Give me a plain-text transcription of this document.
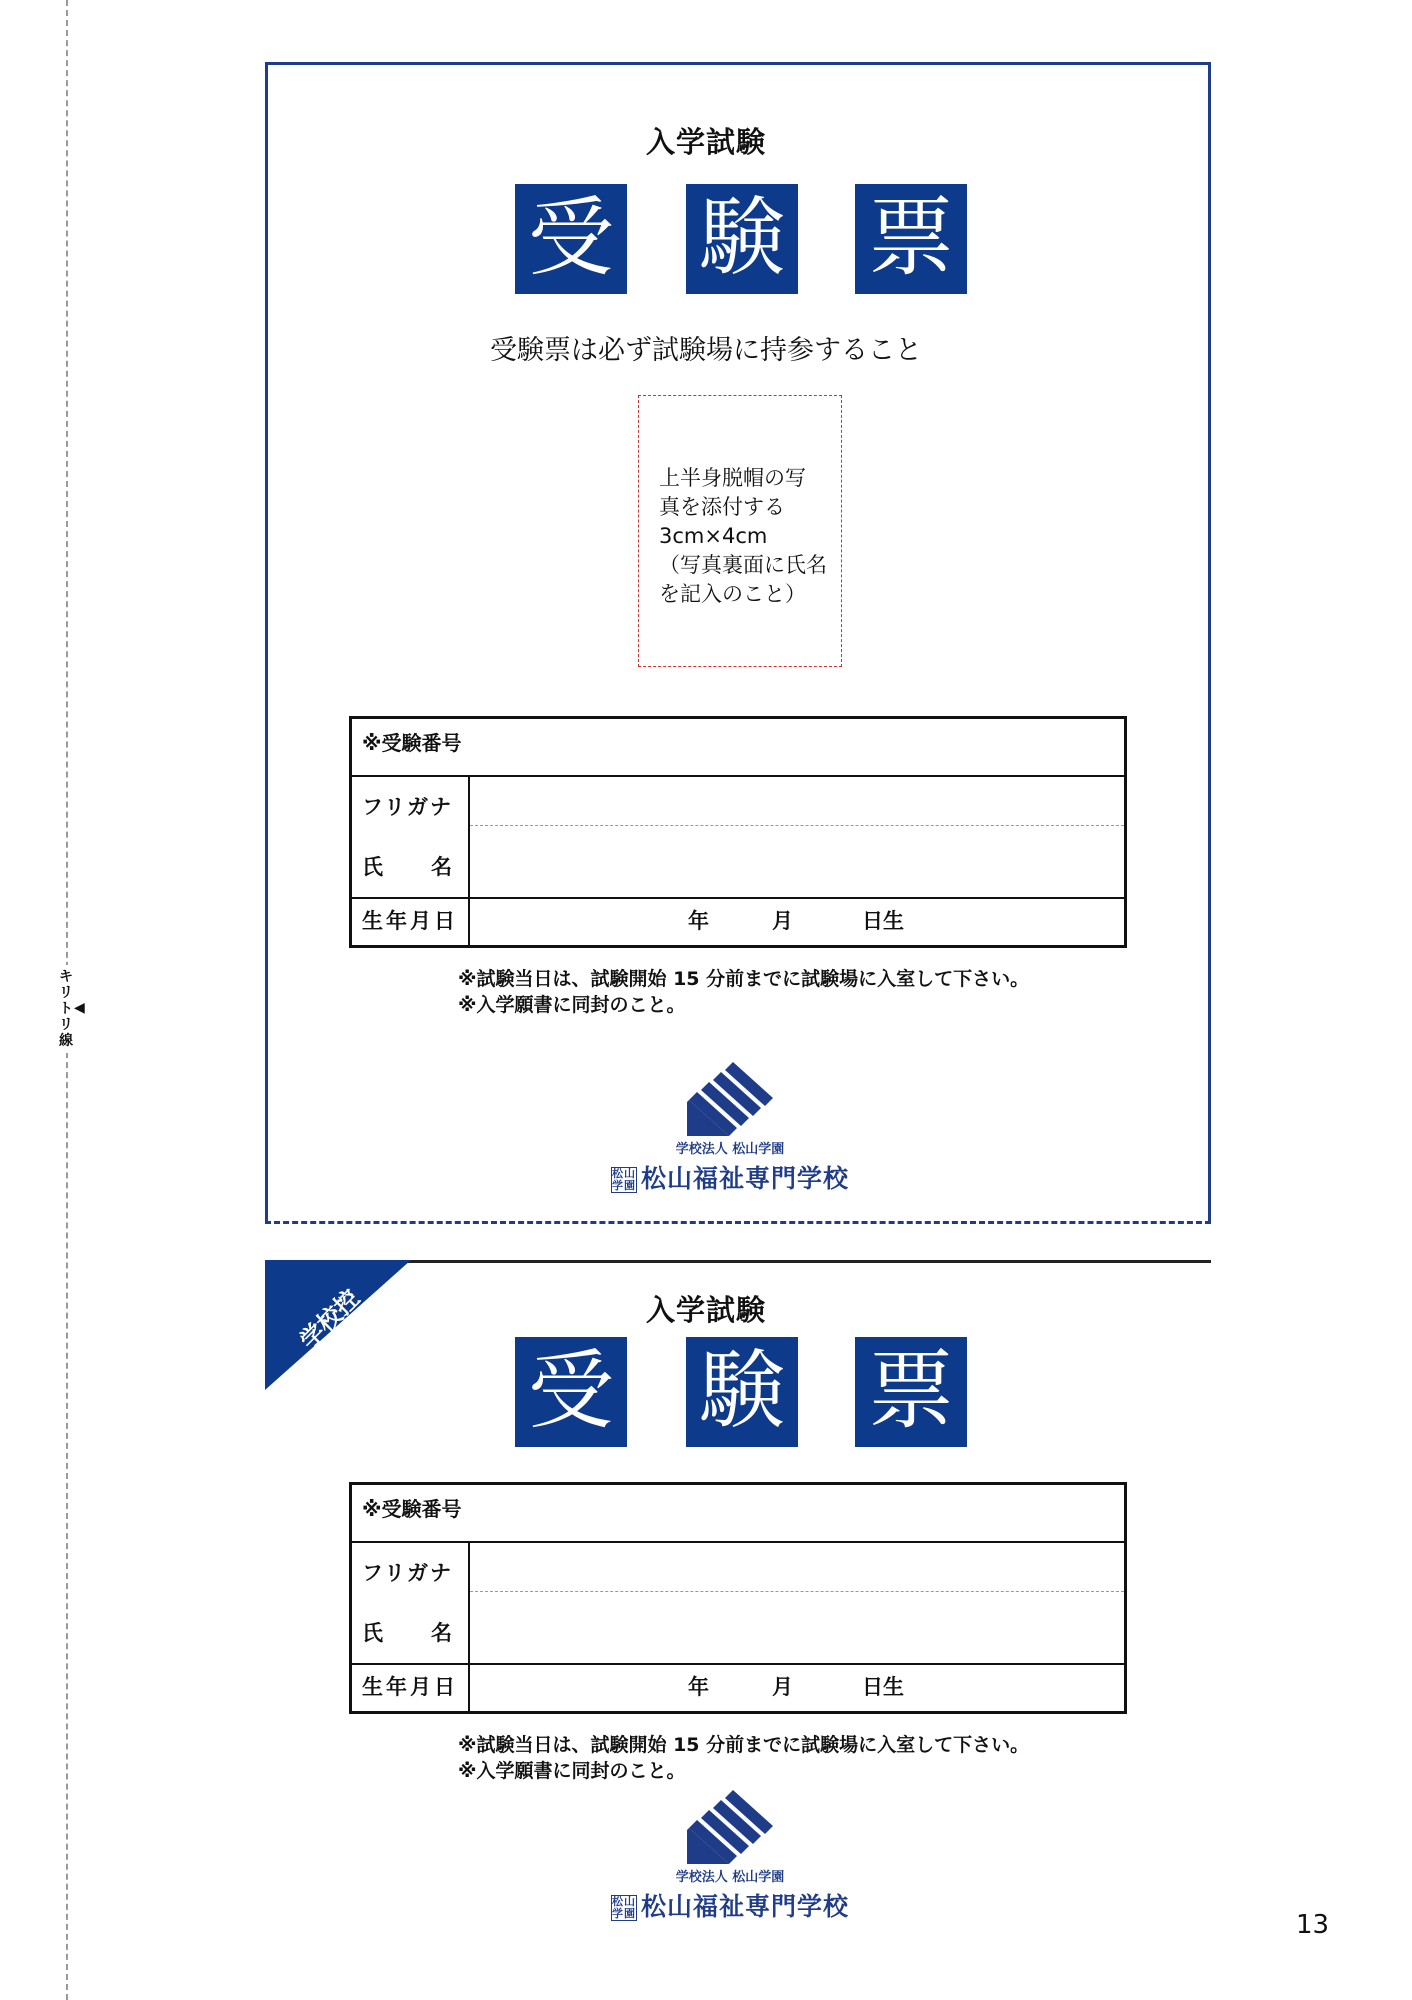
キ
リ
ト
リ
線
◀
入学試験
受 験 票
受験票は必ず試験場に持参すること
上半身脱帽の写
真を添付する
3cm×4cm
（写真裏面に氏名
を記入のこと）
※受験番号
フリガナ
氏　　名
生年月日	年	月	日生
※試験当日は、試験開始 15 分前までに試験場に入室して下さい。
※入学願書に同封のこと。
学校法人 松山学園
松山学園 松山福祉専門学校
学校控	入学試験
受 験 票
※受験番号
フリガナ
氏　　名
生年月日	年	月	日生
※試験当日は、試験開始 15 分前までに試験場に入室して下さい。
※入学願書に同封のこと。
学校法人 松山学園
松山学園 松山福祉専門学校
13
